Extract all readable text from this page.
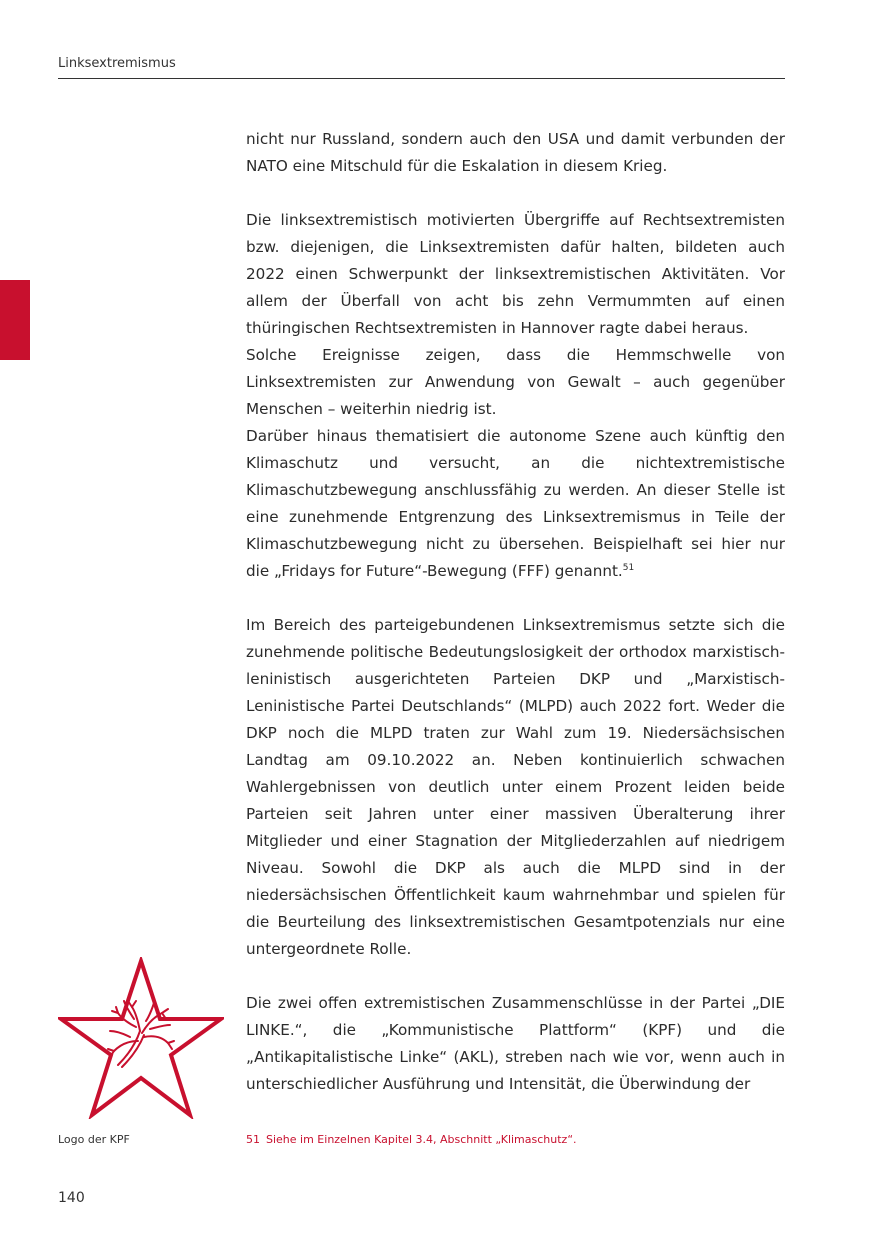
Linksextremismus

nicht nur Russland, sondern auch den USA und damit verbunden der NATO eine Mitschuld für die Eskalation in diesem Krieg.

Die linksextremistisch motivierten Übergriffe auf Rechtsextremisten bzw. diejenigen, die Linksextremisten dafür halten, bildeten auch 2022 einen Schwerpunkt der linksextremistischen Aktivitäten. Vor allem der Überfall von acht bis zehn Vermummten auf einen thüringischen Rechtsextremisten in Hannover ragte dabei heraus.

Solche Ereignisse zeigen, dass die Hemmschwelle von Linksextremisten zur Anwendung von Gewalt – auch gegenüber Menschen – weiterhin niedrig ist.

Darüber hinaus thematisiert die autonome Szene auch künftig den Klimaschutz und versucht, an die nichtextremistische Klimaschutzbewegung anschlussfähig zu werden. An dieser Stelle ist eine zunehmende Entgrenzung des Linksextremismus in Teile der Klimaschutzbewegung nicht zu übersehen. Beispielhaft sei hier nur die „Fridays for Future“-Bewegung (FFF) genannt.$^{51}$

Im Bereich des parteigebundenen Linksextremismus setzte sich die zunehmende politische Bedeutungslosigkeit der orthodox marxistisch-leninistisch ausgerichteten Parteien DKP und „Marxistisch-Leninistische Partei Deutschlands“ (MLPD) auch 2022 fort. Weder die DKP noch die MLPD traten zur Wahl zum 19. Niedersächsischen Landtag am 09.10.2022 an. Neben kontinuierlich schwachen Wahlergebnissen von deutlich unter einem Prozent leiden beide Parteien seit Jahren unter einer massiven Überalterung ihrer Mitglieder und einer Stagnation der Mitgliederzahlen auf niedrigem Niveau. Sowohl die DKP als auch die MLPD sind in der niedersächsischen Öffentlichkeit kaum wahrnehmbar und spielen für die Beurteilung des linksextremistischen Gesamtpotenzials nur eine untergeordnete Rolle.

Die zwei offen extremistischen Zusammenschlüsse in der Partei „DIE LINKE.“, die „Kommunistische Plattform“ (KPF) und die „Antikapitalistische Linke“ (AKL), streben nach wie vor, wenn auch in unterschiedlicher Ausführung und Intensität, die Überwindung der

Logo der KPF	51 Siehe im Einzelnen Kapitel 3.4, Abschnitt „Klimaschutz“.
140
